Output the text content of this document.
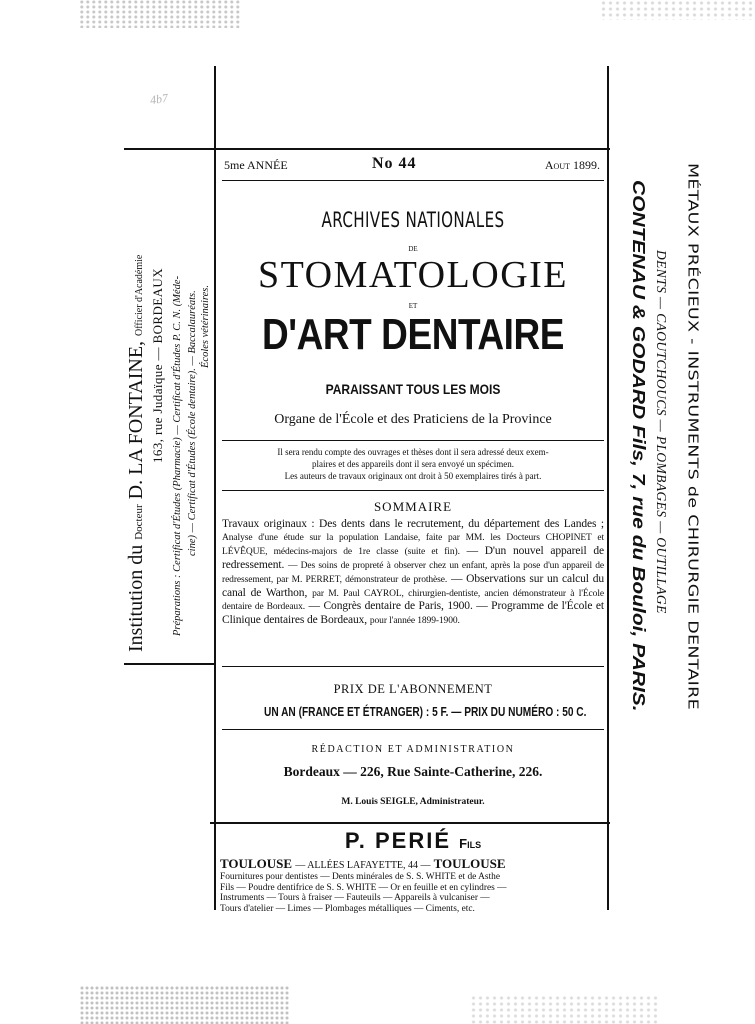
4b7
Institution du Docteur D. LA FONTAINE, Officier d'Académie 163, rue Judaïque — BORDEAUX Préparations : Certificat d'Études (Pharmacie) — Certificat d'Études P. C. N. (Méde- cine) — Certificat d'Études (École dentaire). — Baccalauréats. Écoles vétérinaires.	MÉTAUX PRÉCIEUX - INSTRUMENTS de CHIRURGIE DENTAIRE
DENTS — CAOUTCHOUCS — PLOMBAGES — OUTILLAGE
CONTENAU & GODARD Fils, 7, rue du Bouloi, PARIS.
5me ANNÉE	No 44	Aout 1899.
ARCHIVES NATIONALES
DE
STOMATOLOGIE
ET
D'ART DENTAIRE
PARAISSANT TOUS LES MOIS
Organe de l'École et des Praticiens de la Province
Il sera rendu compte des ouvrages et thèses dont il sera adressé deux exem-
plaires et des appareils dont il sera envoyé un spécimen.
Les auteurs de travaux originaux ont droit à 50 exemplaires tirés à part.
SOMMAIRE
Travaux originaux : Des dents dans le recrutement, du département des Landes ; Analyse d'une étude sur la population Landaise, faite par MM. les Docteurs CHOPINET et LÉVÊQUE, médecins-majors de 1re classe (suite et fin). — D'un nouvel appareil de redressement. — Des soins de propreté à observer chez un enfant, après la pose d'un appareil de redressement, par M. PERRET, démonstrateur de prothèse. — Observations sur un calcul du canal de Warthon, par M. Paul CAYROL, chirurgien-dentiste, ancien démonstrateur à l'École dentaire de Bordeaux. — Congrès dentaire de Paris, 1900. — Programme de l'École et Clinique dentaires de Bordeaux, pour l'année 1899-1900.
PRIX DE L'ABONNEMENT
UN AN (FRANCE ET ÉTRANGER) : 5 F. — PRIX DU NUMÉRO : 50 C.
RÉDACTION ET ADMINISTRATION
Bordeaux — 226, Rue Sainte-Catherine, 226.
M. Louis SEIGLE, Administrateur.
P. PERIÉ Fils
TOULOUSE — ALLÉES LAFAYETTE, 44 — TOULOUSE
Fournitures pour dentistes — Dents minérales de S. S. WHITE et de Asthe
Fils — Poudre dentifrice de S. S. WHITE — Or en feuille et en cylindres —
Instruments — Tours à fraiser — Fauteuils — Appareils à vulcaniser —
Tours d'atelier — Limes — Plombages métalliques — Ciments, etc.
